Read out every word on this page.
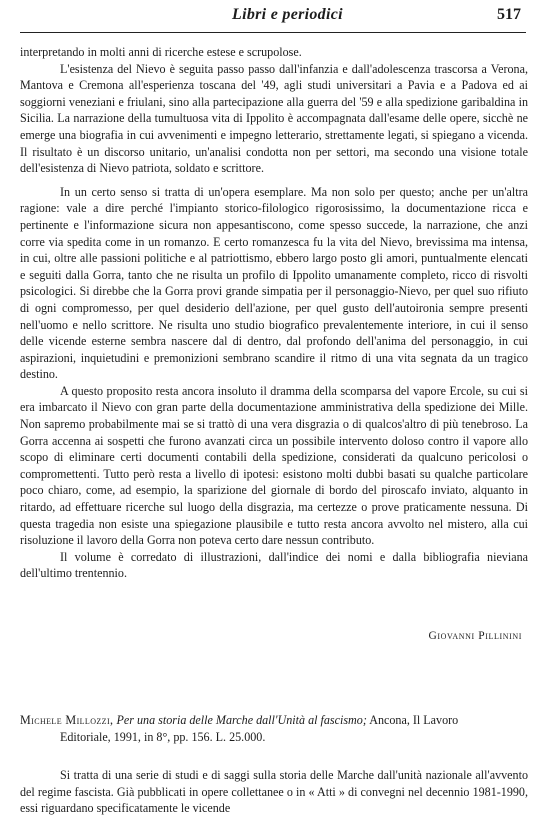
Libri e periodici	517

interpretando in molti anni di ricerche estese e scrupolose.

L'esistenza del Nievo è seguita passo passo dall'infanzia e dall'adolescenza trascorsa a Verona, Mantova e Cremona all'esperienza toscana del '49, agli studi universitari a Pavia e a Padova ed ai soggiorni veneziani e friulani, sino alla partecipazione alla guerra del '59 e alla spedizione garibaldina in Sicilia. La narrazione della tumultuosa vita di Ippolito è accompagnata dall'esame delle opere, sicchè ne emerge una biografia in cui avvenimenti e impegno letterario, strettamente legati, si spiegano a vicenda. Il risultato è un discorso unitario, un'analisi condotta non per settori, ma secondo una visione totale dell'esistenza di Nievo patriota, soldato e scrittore.

In un certo senso si tratta di un'opera esemplare. Ma non solo per questo; anche per un'altra ragione: vale a dire perché l'impianto storico-filologico rigorosissimo, la documentazione ricca e pertinente e l'informazione sicura non appesantiscono, come spesso succede, la narrazione, che anzi corre via spedita come in un romanzo. E certo romanzesca fu la vita del Nievo, brevissima ma intensa, in cui, oltre alle passioni politiche e al patriottismo, ebbero largo posto gli amori, puntualmente elencati e seguiti dalla Gorra, tanto che ne risulta un profilo di Ippolito umanamente completo, ricco di risvolti psicologici. Si direbbe che la Gorra provi grande simpatia per il personaggio-Nievo, per quel suo rifiuto di ogni compromesso, per quel desiderio dell'azione, per quel gusto dell'autoironia sempre presenti nell'uomo e nello scrittore. Ne risulta uno studio biografico prevalentemente interiore, in cui il senso delle vicende esterne sembra nascere dal di dentro, dal profondo dell'anima del personaggio, in cui aspirazioni, inquietudini e premonizioni sembrano scandire il ritmo di una vita segnata da un tragico destino.

A questo proposito resta ancora insoluto il dramma della scomparsa del vapore Ercole, su cui si era imbarcato il Nievo con gran parte della documentazione amministrativa della spedizione dei Mille. Non sapremo probabilmente mai se si trattò di una vera disgrazia o di qualcos'altro di più tenebroso. La Gorra accenna ai sospetti che furono avanzati circa un possibile intervento doloso contro il vapore allo scopo di eliminare certi documenti contabili della spedizione, considerati da qualcuno pericolosi o compromettenti. Tutto però resta a livello di ipotesi: esistono molti dubbi basati su qualche particolare poco chiaro, come, ad esempio, la sparizione del giornale di bordo del piroscafo inviato, alquanto in ritardo, ad effettuare ricerche sul luogo della disgrazia, ma certezze o prove praticamente nessuna. Di questa tragedia non esiste una spiegazione plausibile e tutto resta ancora avvolto nel mistero, alla cui risoluzione il lavoro della Gorra non poteva certo dare nessun contributo.

Il volume è corredato di illustrazioni, dall'indice dei nomi e dalla bibliografia nieviana dell'ultimo trentennio.

Giovanni Pillinini
Michele Millozzi, Per una storia delle Marche dall'Unità al fascismo; Ancona, Il Lavoro
Editoriale, 1991, in 8°, pp. 156. L. 25.000.

Si tratta di una serie di studi e di saggi sulla storia delle Marche dall'unità nazionale all'avvento del regime fascista. Già pubblicati in opere collettanee o in « Atti » di convegni nel decennio 1981-1990, essi riguardano specificatamente le vicende
